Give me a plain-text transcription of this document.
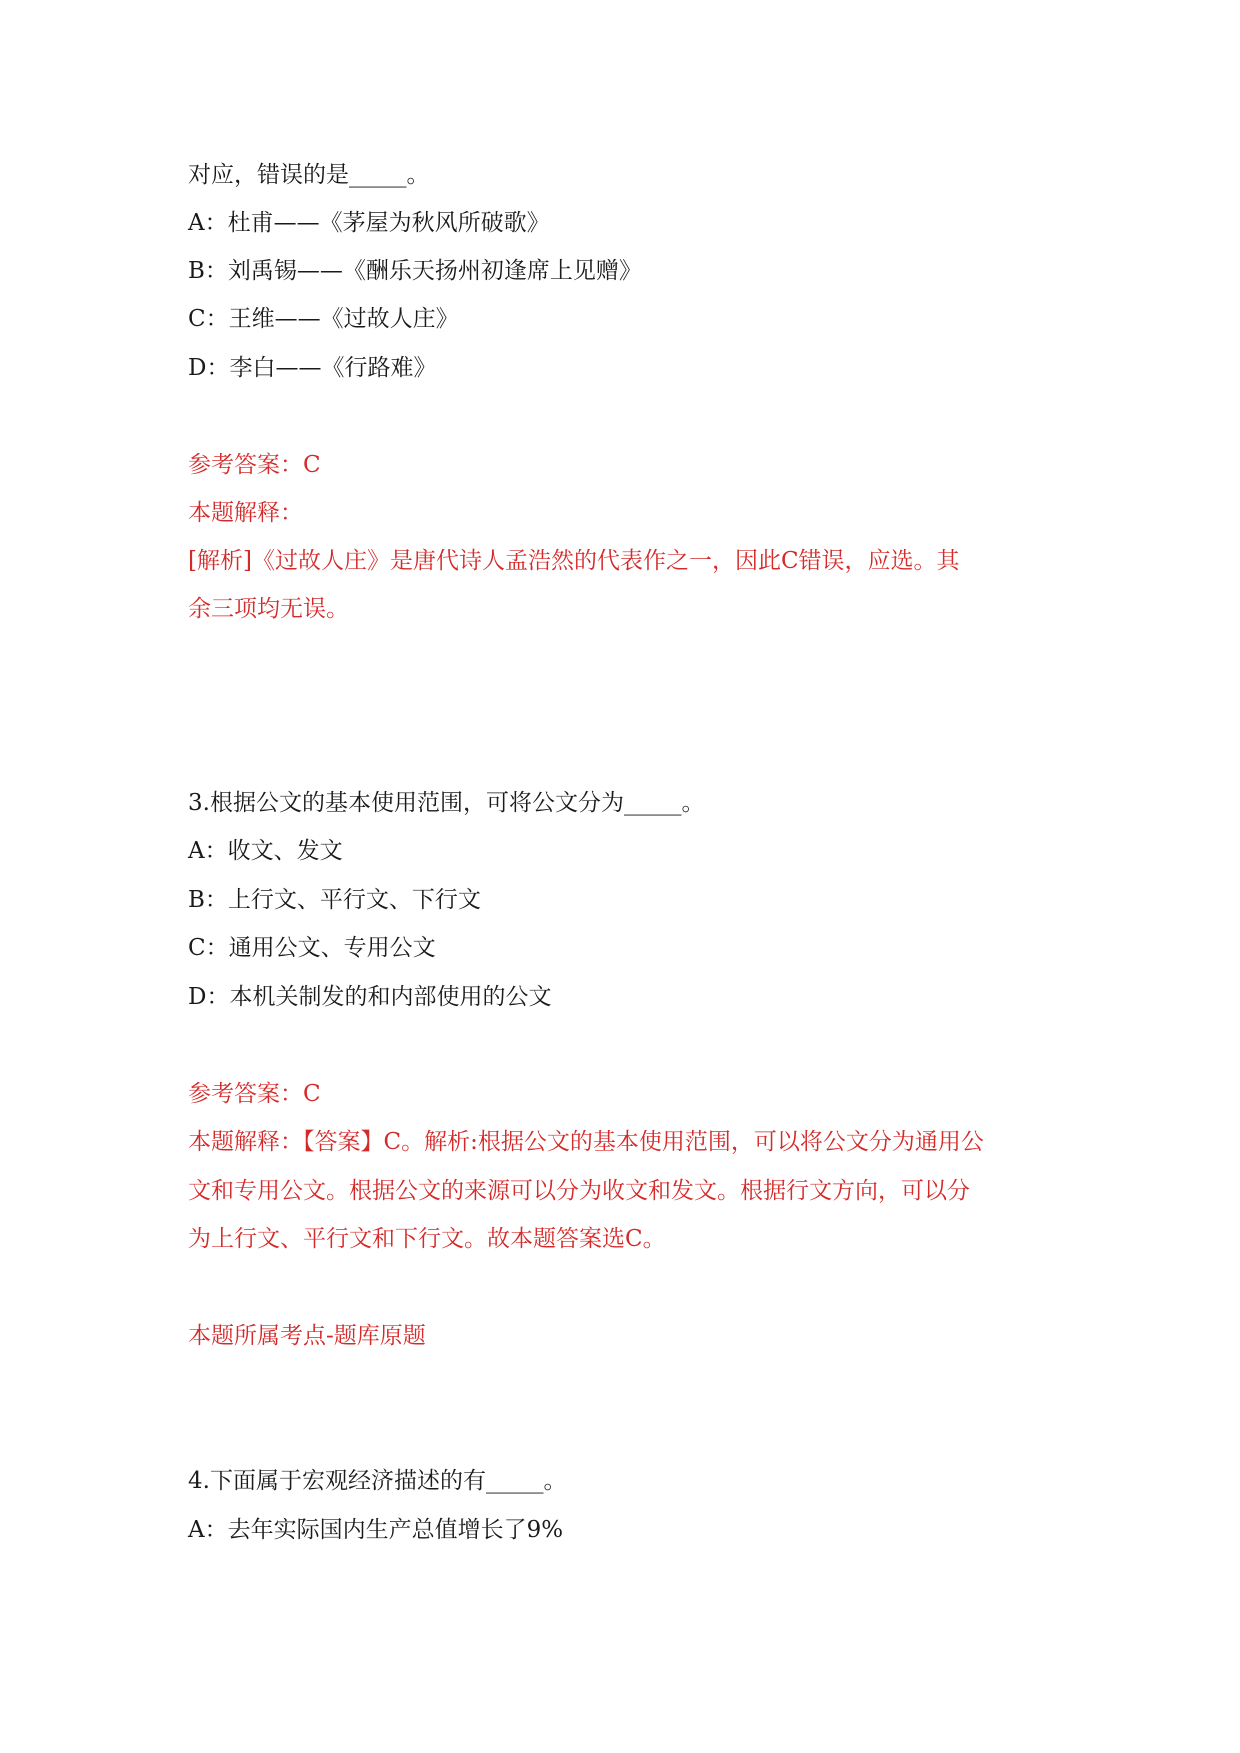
对应，错误的是_____。
A：杜甫——《茅屋为秋风所破歌》
B：刘禹锡——《酬乐天扬州初逢席上见赠》
C：王维——《过故人庄》
D：李白——《行路难》
参考答案：C
本题解释：
[解析]《过故人庄》是唐代诗人孟浩然的代表作之一，因此C错误，应选。其
余三项均无误。
3.根据公文的基本使用范围，可将公文分为_____。
A：收文、发文
B：上行文、平行文、下行文
C：通用公文、专用公文
D：本机关制发的和内部使用的公文
参考答案：C
本题解释：【答案】C。解析:根据公文的基本使用范围，可以将公文分为通用公
文和专用公文。根据公文的来源可以分为收文和发文。根据行文方向，可以分
为上行文、平行文和下行文。故本题答案选C。
本题所属考点-题库原题
4.下面属于宏观经济描述的有_____。
A：去年实际国内生产总值增长了9%
